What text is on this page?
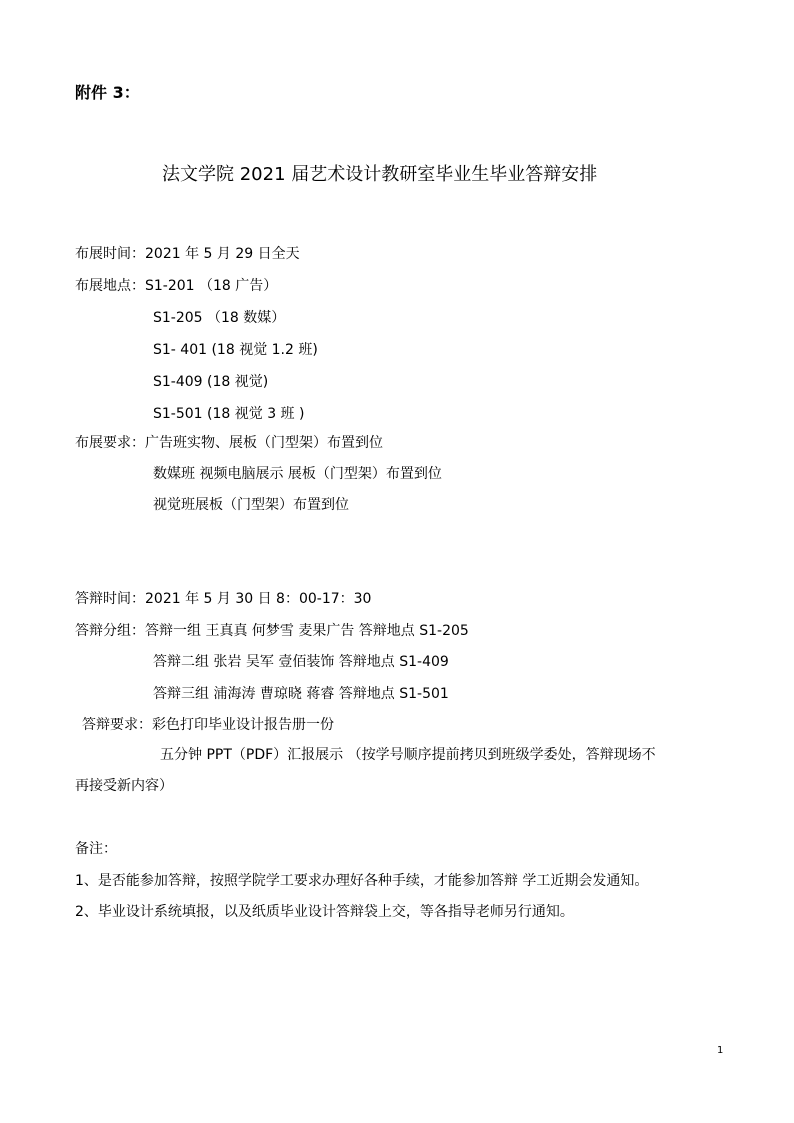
附件 3：
法文学院 2021 届艺术设计教研室毕业生毕业答辩安排
布展时间：2021 年 5 月 29 日全天
布展地点：S1-201 （18 广告）
S1-205 （18 数媒）
S1- 401 (18 视觉 1.2 班)
S1-409 (18 视觉)
S1-501 (18 视觉 3 班 )
布展要求：广告班实物、展板（门型架）布置到位
数媒班 视频电脑展示 展板（门型架）布置到位
视觉班展板（门型架）布置到位
答辩时间：2021 年 5 月 30 日 8：00-17：30
答辩分组：答辩一组 王真真 何梦雪 麦果广告 答辩地点 S1-205
答辩二组 张岩 吴军 壹佰装饰 答辩地点 S1-409
答辩三组 浦海涛 曹琼晓 蒋睿 答辩地点 S1-501
答辩要求：彩色打印毕业设计报告册一份
五分钟 PPT（PDF）汇报展示 （按学号顺序提前拷贝到班级学委处，答辩现场不
再接受新内容）
备注：
1、是否能参加答辩，按照学院学工要求办理好各种手续，才能参加答辩 学工近期会发通知。
2、毕业设计系统填报，以及纸质毕业设计答辩袋上交，等各指导老师另行通知。
1
